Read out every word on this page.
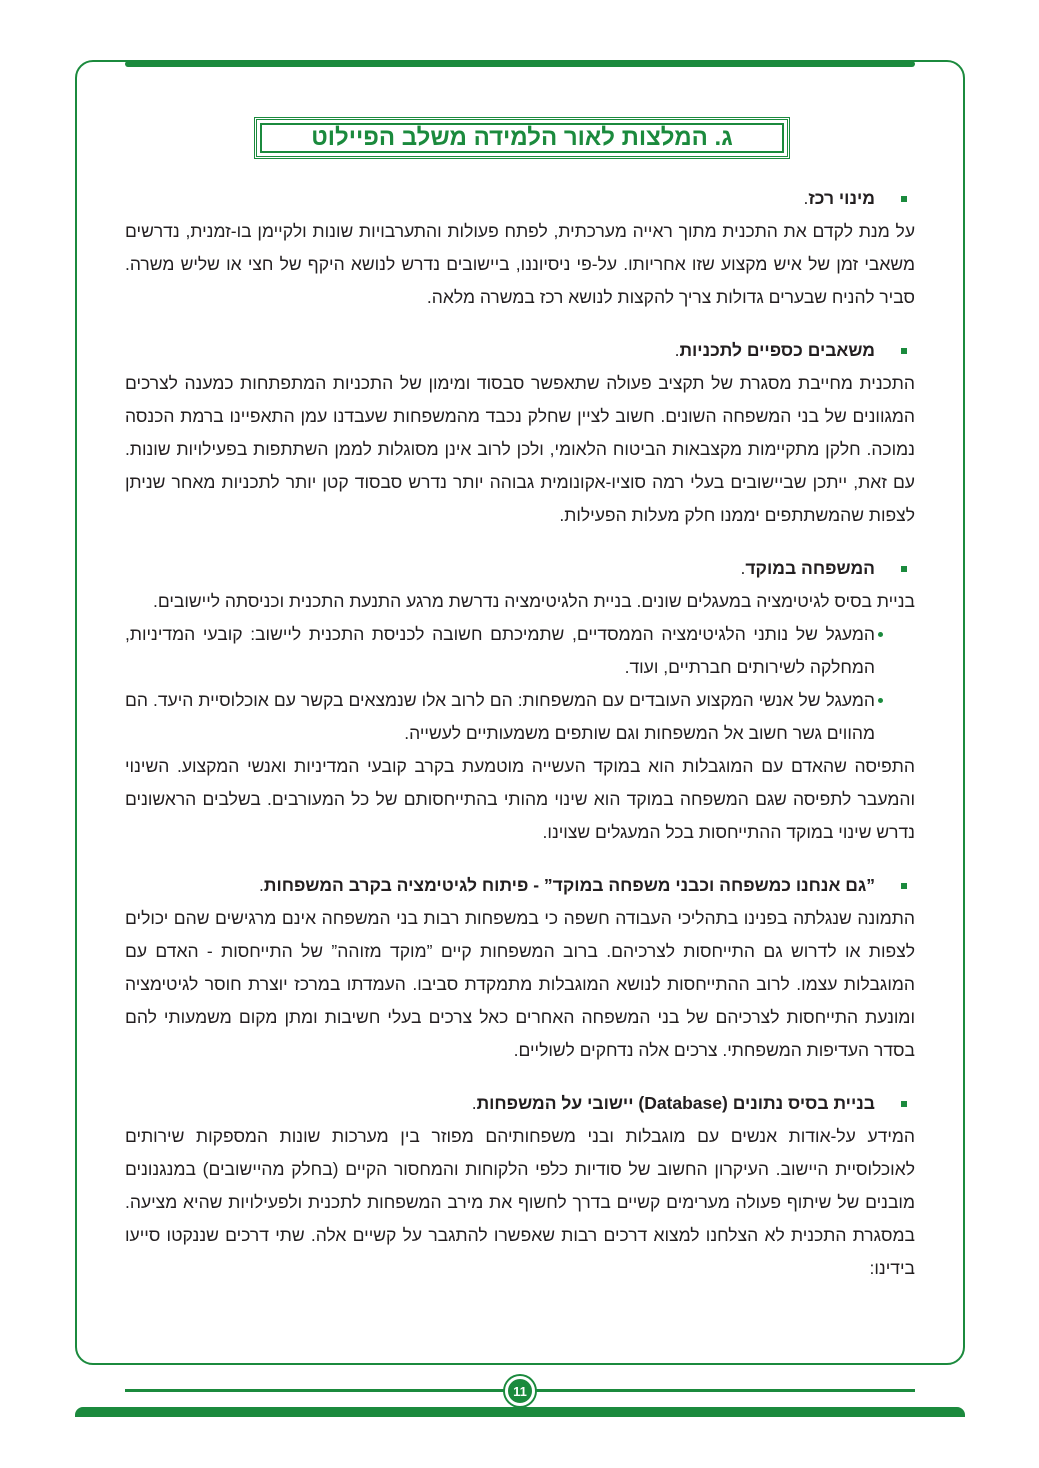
ג. המלצות לאור הלמידה משלב הפיילוט
מינוי רכז.

על מנת לקדם את התכנית מתוך ראייה מערכתית, לפתח פעולות והתערבויות שונות ולקיימן בו-זמנית, נדרשים משאבי זמן של איש מקצוע שזו אחריותו. על-פי ניסיוננו, ביישובים נדרש לנושא היקף של חצי או שליש משרה. סביר להניח שבערים גדולות צריך להקצות לנושא רכז במשרה מלאה.

משאבים כספיים לתכניות.

התכנית מחייבת מסגרת של תקציב פעולה שתאפשר סבסוד ומימון של התכניות המתפתחות כמענה לצרכים המגוונים של בני המשפחה השונים. חשוב לציין שחלק נכבד מהמשפחות שעבדנו עמן התאפיינו ברמת הכנסה נמוכה. חלקן מתקיימות מקצבאות הביטוח הלאומי, ולכן לרוב אינן מסוגלות לממן השתתפות בפעילויות שונות. עם זאת, ייתכן שביישובים בעלי רמה סוציו-אקונומית גבוהה יותר נדרש סבסוד קטן יותר לתכניות מאחר שניתן לצפות שהמשתתפים יממנו חלק מעלות הפעילות.

המשפחה במוקד.

בניית בסיס לגיטימציה במעגלים שונים. בניית הלגיטימציה נדרשת מרגע התנעת התכנית וכניסתה ליישובים.

המעגל של נותני הלגיטימציה הממסדיים, שתמיכתם חשובה לכניסת התכנית ליישוב: קובעי המדיניות, המחלקה לשירותים חברתיים, ועוד.
המעגל של אנשי המקצוע העובדים עם המשפחות: הם לרוב אלו שנמצאים בקשר עם אוכלוסיית היעד. הם מהווים גשר חשוב אל המשפחות וגם שותפים משמעותיים לעשייה.

התפיסה שהאדם עם המוגבלות הוא במוקד העשייה מוטמעת בקרב קובעי המדיניות ואנשי המקצוע. השינוי והמעבר לתפיסה שגם המשפחה במוקד הוא שינוי מהותי בהתייחסותם של כל המעורבים. בשלבים הראשונים נדרש שינוי במוקד ההתייחסות בכל המעגלים שצוינו.

”גם אנחנו כמשפחה וכבני משפחה במוקד” - פיתוח לגיטימציה בקרב המשפחות.

התמונה שנגלתה בפנינו בתהליכי העבודה חשפה כי במשפחות רבות בני המשפחה אינם מרגישים שהם יכולים לצפות או לדרוש גם התייחסות לצרכיהם. ברוב המשפחות קיים ”מוקד מזוהה” של התייחסות - האדם עם המוגבלות עצמו. לרוב ההתייחסות לנושא המוגבלות מתמקדת סביבו. העמדתו במרכז יוצרת חוסר לגיטימציה ומונעת התייחסות לצרכיהם של בני המשפחה האחרים כאל צרכים בעלי חשיבות ומתן מקום משמעותי להם בסדר העדיפות המשפחתי. צרכים אלה נדחקים לשוליים.

בניית בסיס נתונים (Database) יישובי על המשפחות.

המידע על-אודות אנשים עם מוגבלות ובני משפחותיהם מפוזר בין מערכות שונות המספקות שירותים לאוכלוסיית היישוב. העיקרון החשוב של סודיות כלפי הלקוחות והמחסור הקיים (בחלק מהיישובים) במנגנונים מובנים של שיתוף פעולה מערימים קשיים בדרך לחשוף את מירב המשפחות לתכנית ולפעילויות שהיא מציעה. במסגרת התכנית לא הצלחנו למצוא דרכים רבות שאפשרו להתגבר על קשיים אלה. שתי דרכים שננקטו סייעו בידינו:

11
